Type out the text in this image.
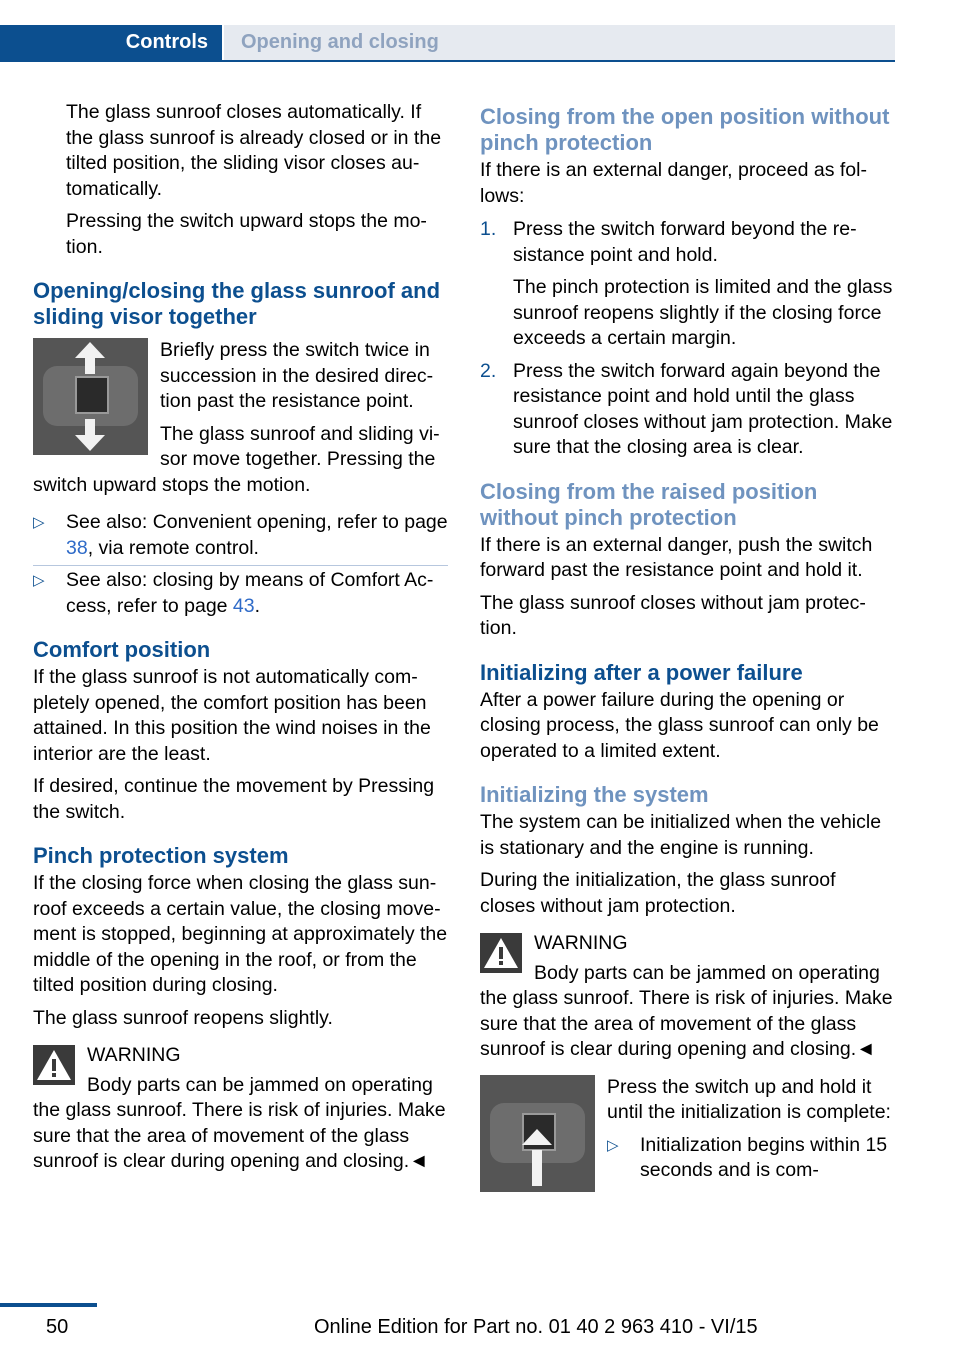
Controls Opening and closing

The glass sunroof closes automatically. If the glass sunroof is already closed or in the tilted position, the sliding visor closes automatically.

Pressing the switch upward stops the motion.

Opening/closing the glass sunroof and sliding visor together

Briefly press the switch twice in succession in the desired direction past the resistance point.

The glass sunroof and sliding visor move together. Pressing the switch upward stops the motion.

▷ See also: Convenient opening, refer to page 38, via remote control.
▷ See also: closing by means of Comfort Access, refer to page 43.
Comfort position

If the glass sunroof is not automatically completely opened, the comfort position has been attained. In this position the wind noises in the interior are the least.

If desired, continue the movement by Pressing the switch.

Pinch protection system

If the closing force when closing the glass sunroof exceeds a certain value, the closing movement is stopped, beginning at approximately the middle of the opening in the roof, or from the tilted position during closing.

The glass sunroof reopens slightly.

WARNING

Body parts can be jammed on operating the glass sunroof. There is risk of injuries. Make sure that the area of movement of the glass sunroof is clear during opening and closing.◄

Closing from the open position without pinch protection

If there is an external danger, proceed as follows:

1. Press the switch forward beyond the resistance point and hold.

The pinch protection is limited and the glass sunroof reopens slightly if the closing force exceeds a certain margin.

2. Press the switch forward again beyond the resistance point and hold until the glass sunroof closes without jam protection. Make sure that the closing area is clear.

Closing from the raised position without pinch protection

If there is an external danger, push the switch forward past the resistance point and hold it.

The glass sunroof closes without jam protection.

Initializing after a power failure

After a power failure during the opening or closing process, the glass sunroof can only be operated to a limited extent.

Initializing the system

The system can be initialized when the vehicle is stationary and the engine is running.

During the initialization, the glass sunroof closes without jam protection.

WARNING

Body parts can be jammed on operating the glass sunroof. There is risk of injuries. Make sure that the area of movement of the glass sunroof is clear during opening and closing.◄

Press the switch up and hold it until the initialization is complete:

▷ Initialization begins within 15 seconds and is com-
50	Online Edition for Part no. 01 40 2 963 410 - VI/15
